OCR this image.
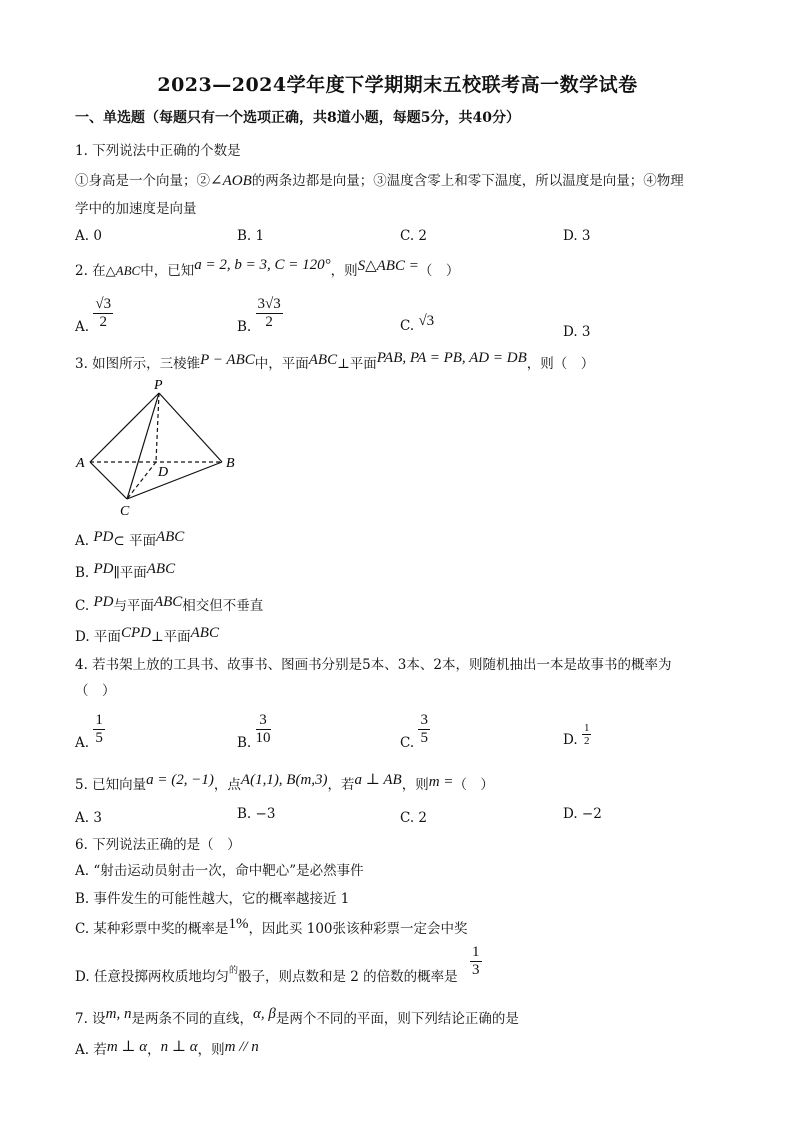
2023—2024学年度下学期期末五校联考高一数学试卷
一、单选题（每题只有一个选项正确，共8道小题，每题5分，共40分）
1. 下列说法中正确的个数是
①身高是一个向量；②∠AOB的两条边都是向量；③温度含零上和零下温度，所以温度是向量；④物理
学中的加速度是向量
A. 0	B. 1	C. 2	D. 3
2. 在△ABC中，已知a = 2, b = 3, C = 120°，则S△ABC =（　）
A. $\frac{√3}{2}$	B. $\frac{3√3}{2}$	C. √3
D. 3
3. 如图所示，三棱锥P − ABC中，平面ABC⊥平面PAB, PA = PB, AD = DB，则（　）
P
A	B
C
D
A. PD⊂ 平面ABC
B. PD∥平面ABC
C. PD与平面ABC相交但不垂直
D. 平面CPD⊥平面ABC
4. 若书架上放的工具书、故事书、图画书分别是5本、3本、2本，则随机抽出一本是故事书的概率为
（　）
A. $\frac{1}{5}$	B. $\frac{3}{10}$	C. $\frac{3}{5}$	D. $\frac{1}{2}$
5. 已知向量a = (2, −1)，点A(1,1), B(m,3)，若a ⊥ AB，则m =（　）
A. 3	B. −3	C. 2	D. −2
6. 下列说法正确的是（　）
A. “射击运动员射击一次，命中靶心”是必然事件
B. 事件发生的可能性越大，它的概率越接近 1
C. 某种彩票中奖的概率是1%，因此买 100张该种彩票一定会中奖
D. 任意投掷两枚质地均匀$^的$骰子，则点数和是 2 的倍数的概率是 $\frac{1}{3}$
7. 设m, n是两条不同的直线，α, β是两个不同的平面，则下列结论正确的是
A. 若m ⊥ α，n ⊥ α，则m // n
